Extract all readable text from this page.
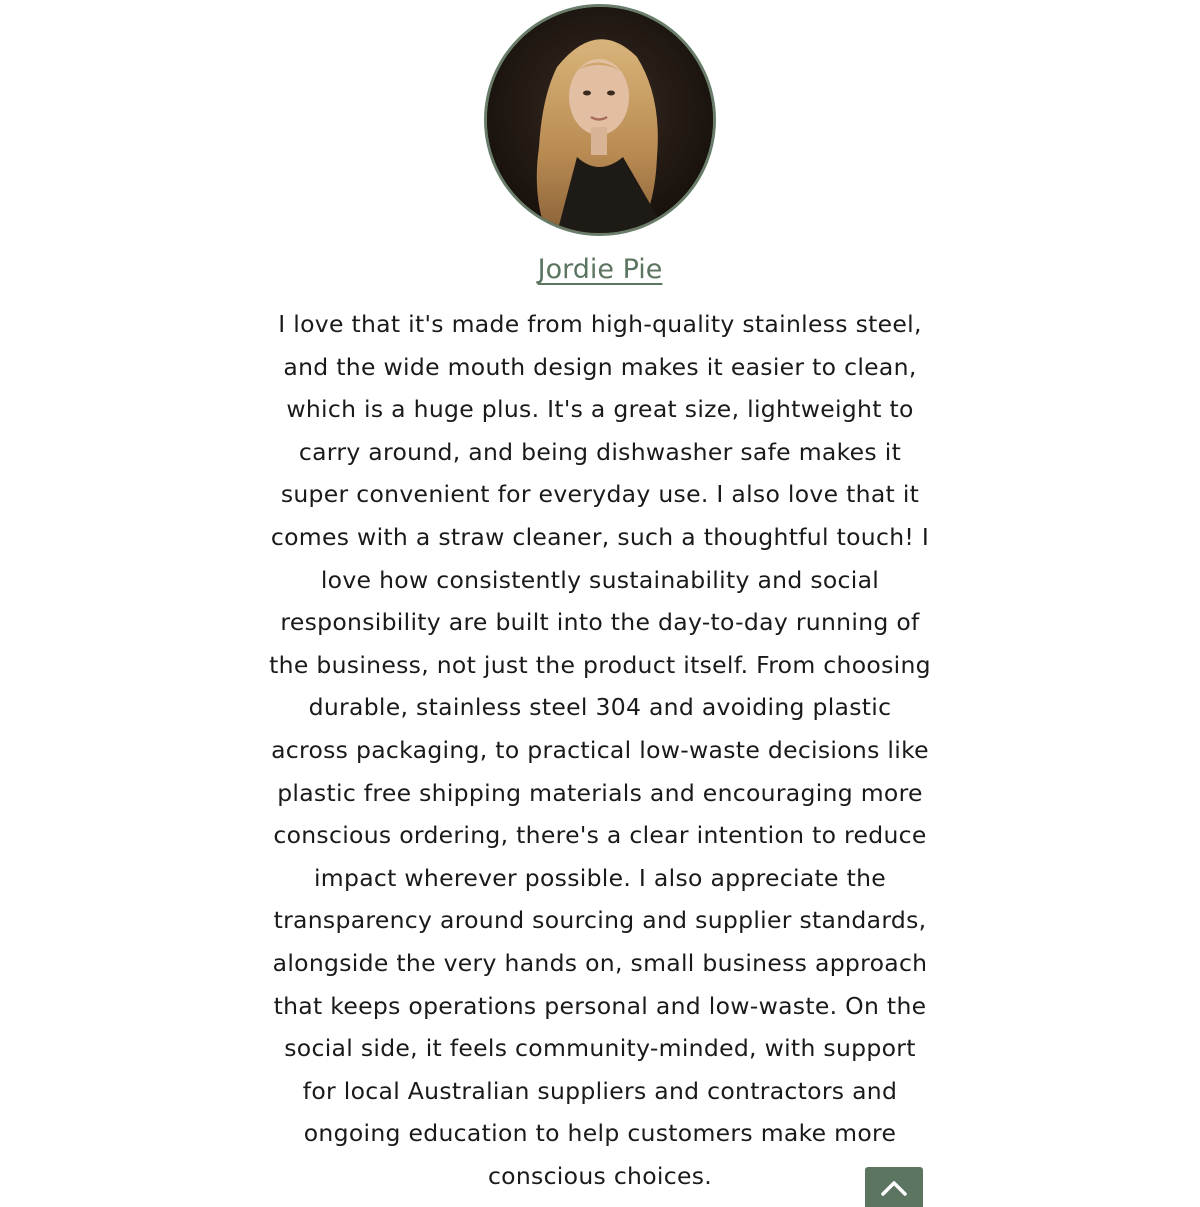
Jordie Pie

I love that it's made from high-quality stainless steel,
and the wide mouth design makes it easier to clean,
which is a huge plus. It's a great size, lightweight to
carry around, and being dishwasher safe makes it
super convenient for everyday use. I also love that it
comes with a straw cleaner, such a thoughtful touch! I
love how consistently sustainability and social
responsibility are built into the day-to-day running of
the business, not just the product itself. From choosing
durable, stainless steel 304 and avoiding plastic
across packaging, to practical low-waste decisions like
plastic free shipping materials and encouraging more
conscious ordering, there's a clear intention to reduce
impact wherever possible. I also appreciate the
transparency around sourcing and supplier standards,
alongside the very hands on, small business approach
that keeps operations personal and low-waste. On the
social side, it feels community-minded, with support
for local Australian suppliers and contractors and
ongoing education to help customers make more
conscious choices.
